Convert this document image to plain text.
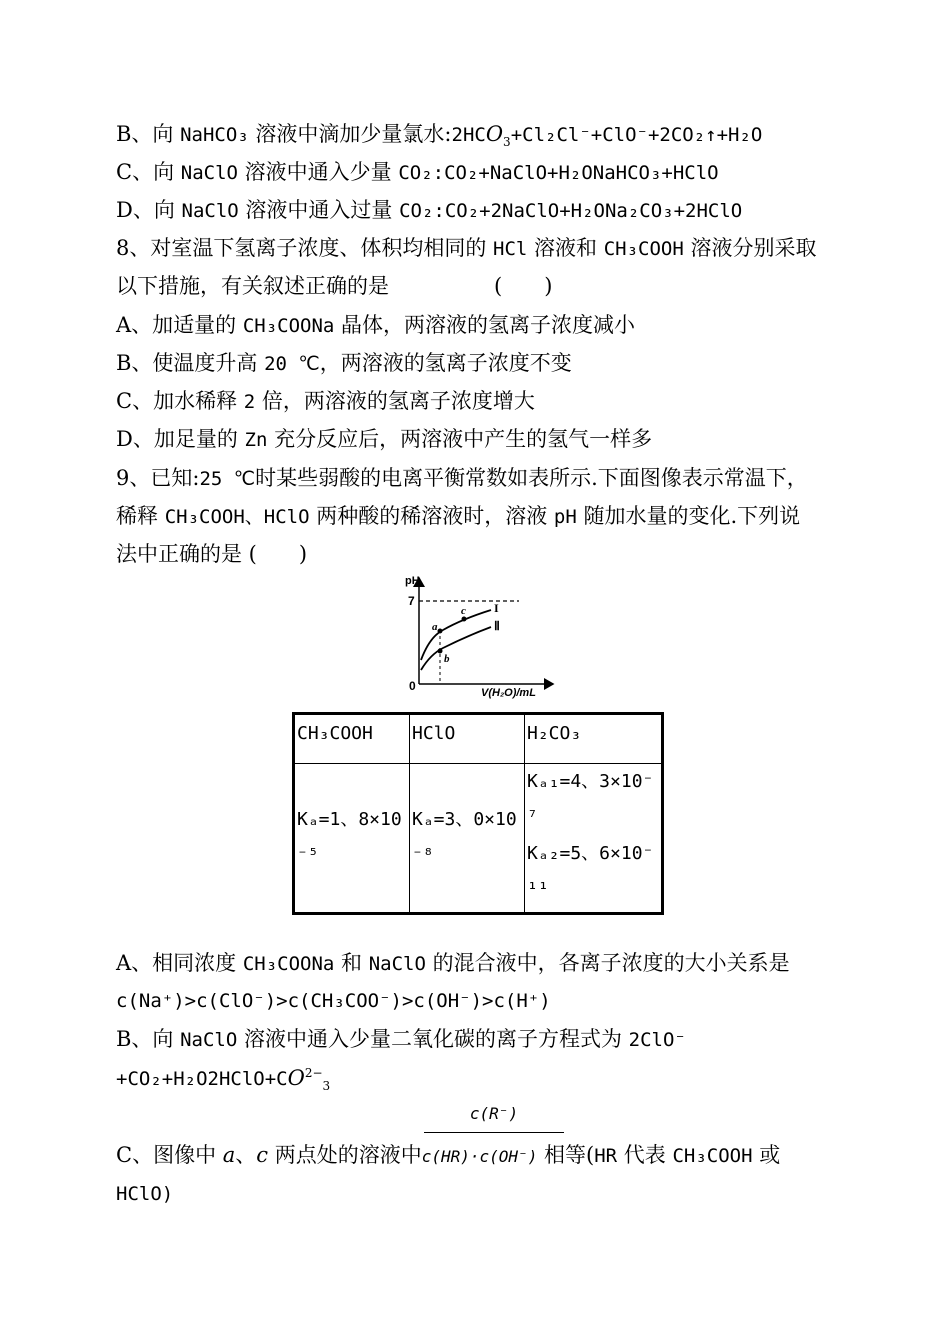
B、向 NaHCO₃ 溶液中滴加少量氯水$:2HCO_3+Cl_2Cl^-+ClO^-+2CO_2↑+H_2O$
C、向 NaClO 溶液中通入少量 CO₂:CO₂+NaClO+H₂ONaHCO₃+HClO
D、向 NaClO 溶液中通入过量 CO₂:CO₂+2NaClO+H₂ONa₂CO₃+2HClO
8、对室温下氢离子浓度、体积均相同的 HCl 溶液和 CH₃COOH 溶液分别采取
以下措施，有关叙述正确的是	(　　)
A、加适量的 CH₃COONa 晶体，两溶液的氢离子浓度减小
B、使温度升高 20 ℃，两溶液的氢离子浓度不变
C、加水稀释 2 倍，两溶液的氢离子浓度增大
D、加足量的 Zn 充分反应后，两溶液中产生的氢气一样多
9、已知:25 ℃时某些弱酸的电离平衡常数如表所示.下面图像表示常温下，
稀释 CH₃COOH、HClO 两种酸的稀溶液时，溶液 pH 随加水量的变化.下列说
法中正确的是 (　　)
pH
7
0	V(H₂O)/mL
I
Ⅱ
a
b
c
CH₃COOH	HClO	H₂CO₃

Kₐ=1、8×10⁻⁵	Kₐ=3、0×10⁻⁸	Kₐ₁=4、3×10⁻⁷
Kₐ₂=5、6×10⁻¹¹
A、相同浓度 CH₃COONa 和 NaClO 的混合液中，各离子浓度的大小关系是
c(Na⁺)>c(ClO⁻)>c(CH₃COO⁻)>c(OH⁻)>c(H⁺)
B、向 NaClO 溶液中通入少量二氧化碳的离子方程式为 2ClO⁻
$+CO_2+H_2O2HClO+CO^{2-}_3$
c(R⁻)
C、图像中 a、c 两点处的溶液中c(HR)·c(OH⁻) 相等(HR 代表 CH₃COOH 或
HClO)
